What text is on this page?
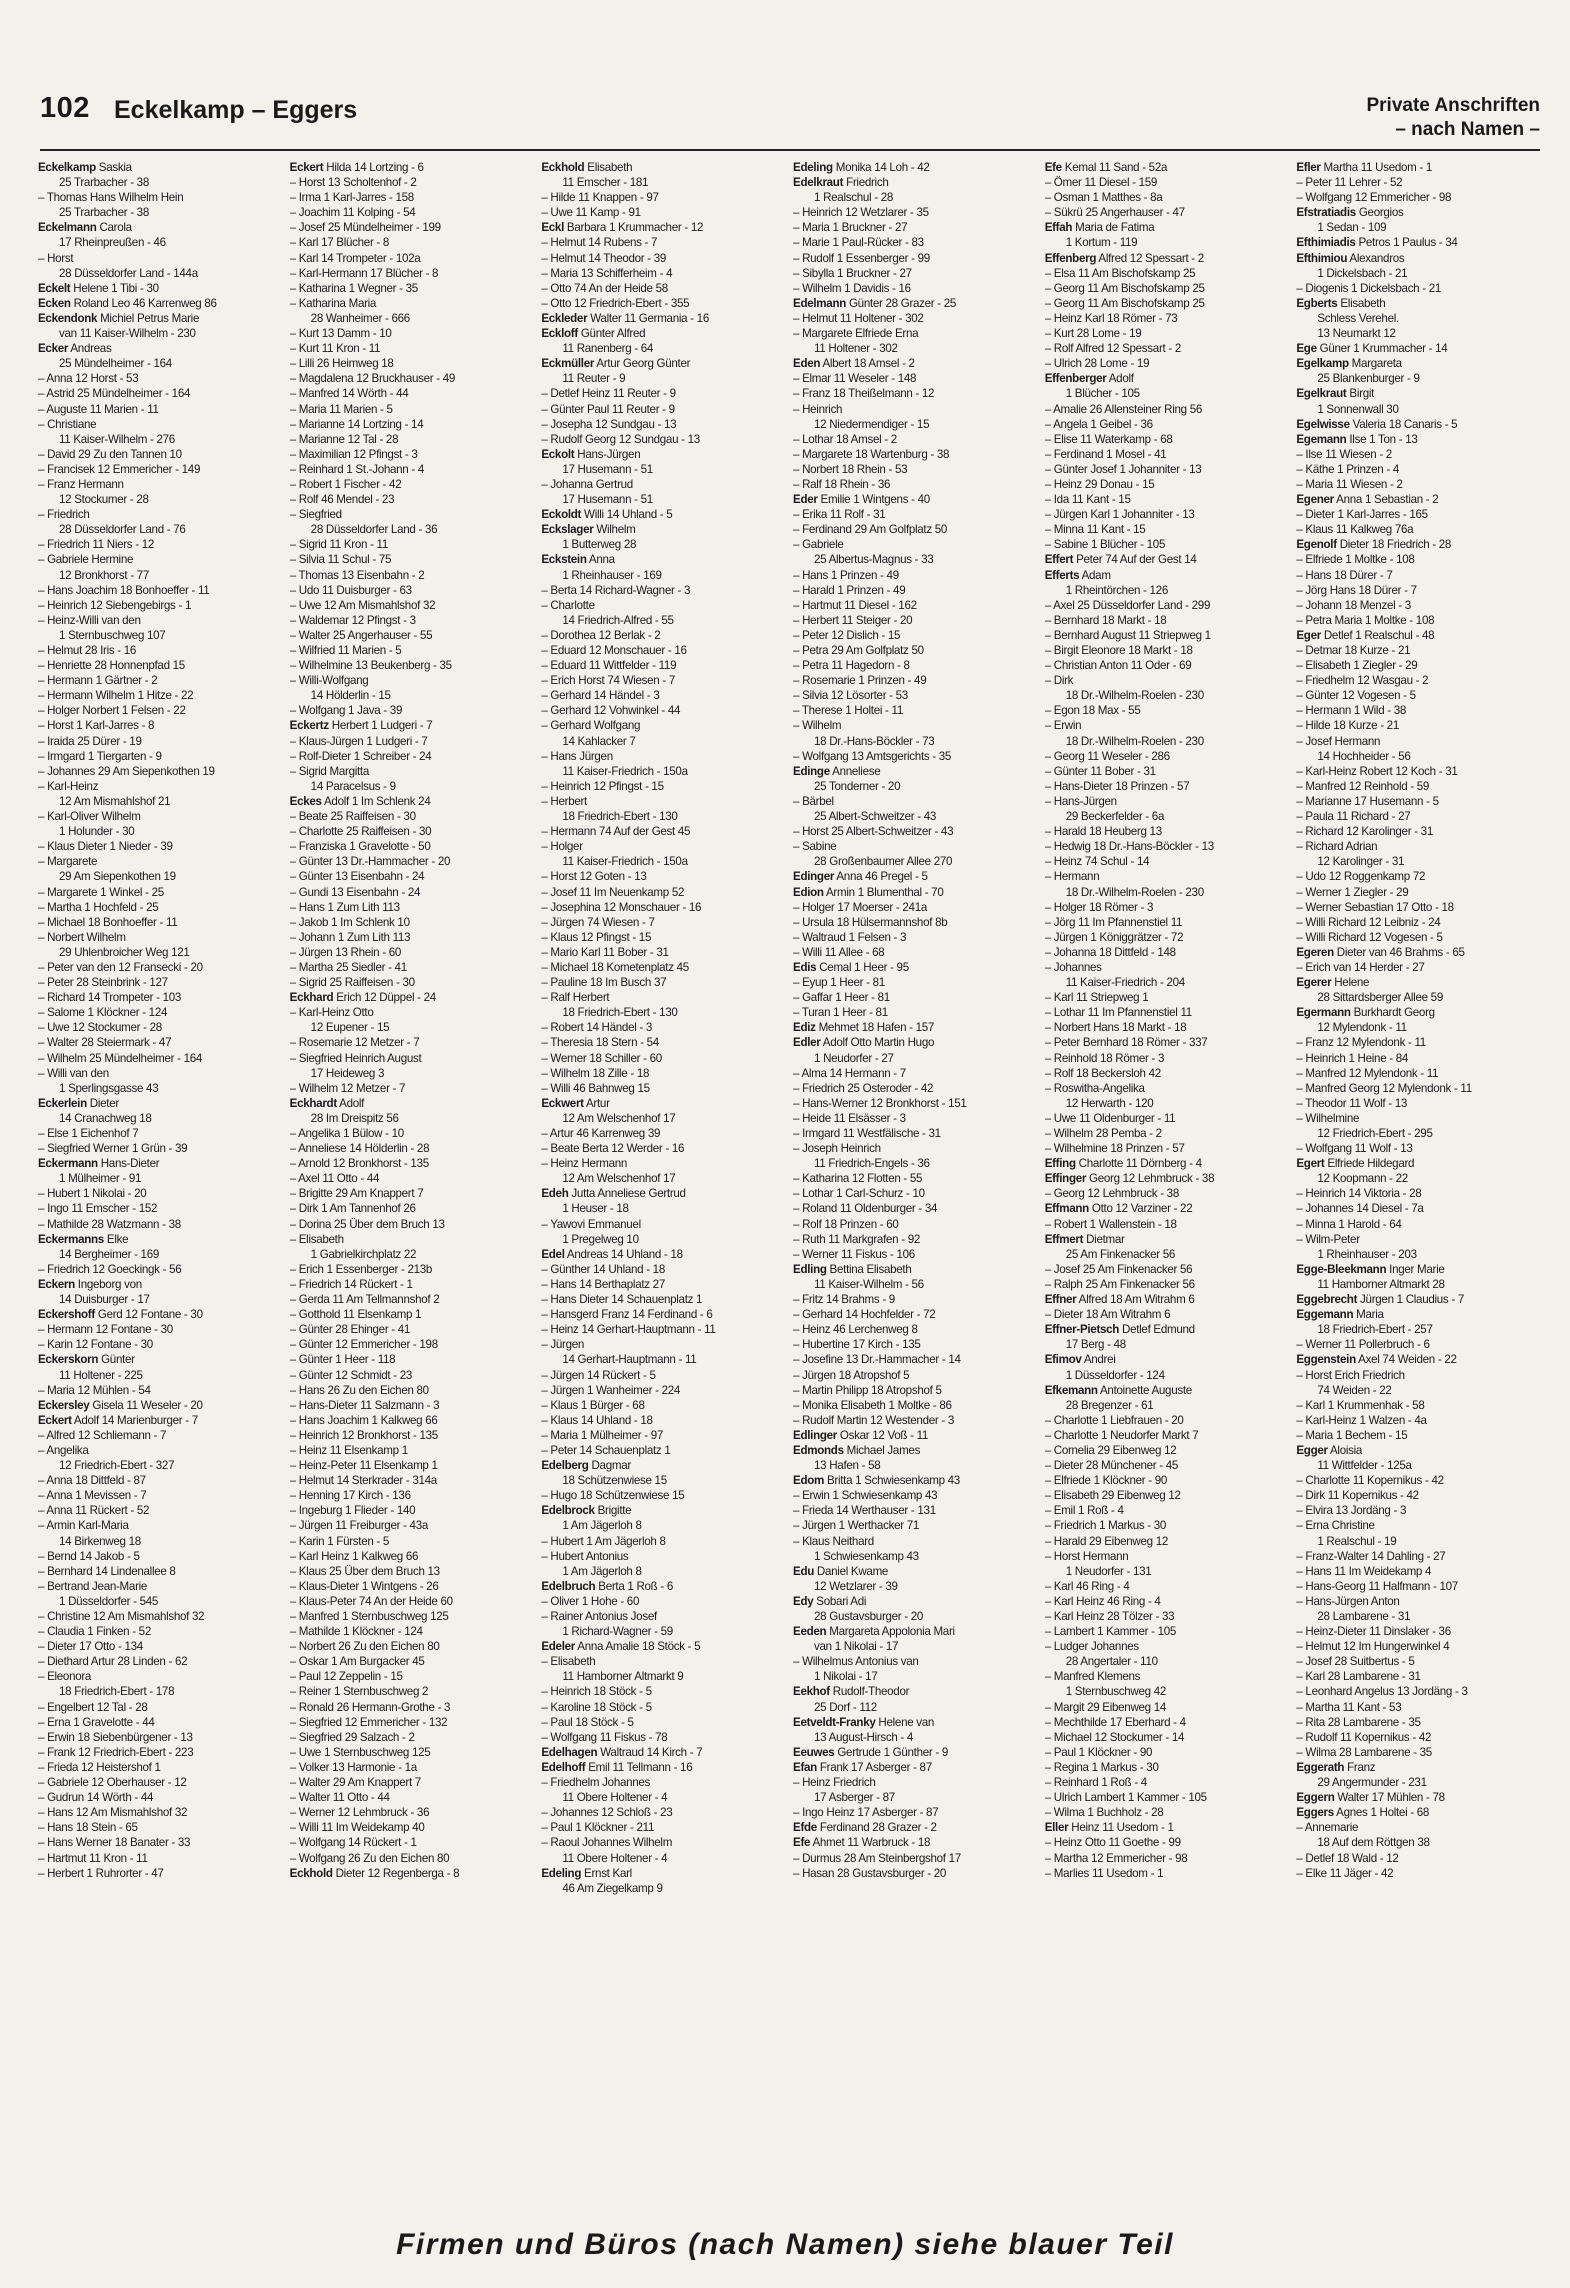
102 Eckelkamp – Eggers	Private Anschriften
– nach Namen –
Eckelkamp Saskia
25 Trarbacher - 38
– Thomas Hans Wilhelm Hein
25 Trarbacher - 38
Eckelmann Carola
17 Rheinpreußen - 46
– Horst
28 Düsseldorfer Land - 144a
Eckelt Helene 1 Tibi - 30
Ecken Roland Leo 46 Karrenweg 86
Eckendonk Michiel Petrus Marie
van 11 Kaiser-Wilhelm - 230
Ecker Andreas
25 Mündelheimer - 164
– Anna 12 Horst - 53
– Astrid 25 Mündelheimer - 164
– Auguste 11 Marien - 11
– Christiane
11 Kaiser-Wilhelm - 276
– David 29 Zu den Tannen 10
– Francisek 12 Emmericher - 149
– Franz Hermann
12 Stockumer - 28
– Friedrich
28 Düsseldorfer Land - 76
– Friedrich 11 Niers - 12
– Gabriele Hermine
12 Bronkhorst - 77
– Hans Joachim 18 Bonhoeffer - 11
– Heinrich 12 Siebengebirgs - 1
– Heinz-Willi van den
1 Sternbuschweg 107
– Helmut 28 Iris - 16
– Henriette 28 Honnenpfad 15
– Hermann 1 Gärtner - 2
– Hermann Wilhelm 1 Hitze - 22
– Holger Norbert 1 Felsen - 22
– Horst 1 Karl-Jarres - 8
– Iraida 25 Dürer - 19
– Irmgard 1 Tiergarten - 9
– Johannes 29 Am Siepenkothen 19
– Karl-Heinz
12 Am Mismahlshof 21
– Karl-Oliver Wilhelm
1 Holunder - 30
– Klaus Dieter 1 Nieder - 39
– Margarete
29 Am Siepenkothen 19
– Margarete 1 Winkel - 25
– Martha 1 Hochfeld - 25
– Michael 18 Bonhoeffer - 11
– Norbert Wilhelm
29 Uhlenbroicher Weg 121
– Peter van den 12 Fransecki - 20
– Peter 28 Steinbrink - 127
– Richard 14 Trompeter - 103
– Salome 1 Klöckner - 124
– Uwe 12 Stockumer - 28
– Walter 28 Steiermark - 47
– Wilhelm 25 Mündelheimer - 164
– Willi van den
1 Sperlingsgasse 43
Eckerlein Dieter
14 Cranachweg 18
– Else 1 Eichenhof 7
– Siegfried Werner 1 Grün - 39
Eckermann Hans-Dieter
1 Mülheimer - 91
– Hubert 1 Nikolai - 20
– Ingo 11 Emscher - 152
– Mathilde 28 Watzmann - 38
Eckermanns Elke
14 Bergheimer - 169
– Friedrich 12 Goeckingk - 56
Eckern Ingeborg von
14 Duisburger - 17
Eckershoff Gerd 12 Fontane - 30
– Hermann 12 Fontane - 30
– Karin 12 Fontane - 30
Eckerskorn Günter
11 Holtener - 225
– Maria 12 Mühlen - 54
Eckersley Gisela 11 Weseler - 20
Eckert Adolf 14 Marienburger - 7
– Alfred 12 Schliemann - 7
– Angelika
12 Friedrich-Ebert - 327
– Anna 18 Dittfeld - 87
– Anna 1 Mevissen - 7
– Anna 11 Rückert - 52
– Armin Karl-Maria
14 Birkenweg 18
– Bernd 14 Jakob - 5
– Bernhard 14 Lindenallee 8
– Bertrand Jean-Marie
1 Düsseldorfer - 545
– Christine 12 Am Mismahlshof 32
– Claudia 1 Finken - 52
– Dieter 17 Otto - 134
– Diethard Artur 28 Linden - 62
– Eleonora
18 Friedrich-Ebert - 178
– Engelbert 12 Tal - 28
– Erna 1 Gravelotte - 44
– Erwin 18 Siebenbürgener - 13
– Frank 12 Friedrich-Ebert - 223
– Frieda 12 Heistershof 1
– Gabriele 12 Oberhauser - 12
– Gudrun 14 Wörth - 44
– Hans 12 Am Mismahlshof 32
– Hans 18 Stein - 65
– Hans Werner 18 Banater - 33
– Hartmut 11 Kron - 11
– Herbert 1 Ruhrorter - 47
Eckert Hilda 14 Lortzing - 6
– Horst 13 Scholtenhof - 2
– Irma 1 Karl-Jarres - 158
– Joachim 11 Kolping - 54
– Josef 25 Mündelheimer - 199
– Karl 17 Blücher - 8
– Karl 14 Trompeter - 102a
– Karl-Hermann 17 Blücher - 8
– Katharina 1 Wegner - 35
– Katharina Maria
28 Wanheimer - 666
– Kurt 13 Damm - 10
– Kurt 11 Kron - 11
– Lilli 26 Heimweg 18
– Magdalena 12 Bruckhauser - 49
– Manfred 14 Wörth - 44
– Maria 11 Marien - 5
– Marianne 14 Lortzing - 14
– Marianne 12 Tal - 28
– Maximilian 12 Pfingst - 3
– Reinhard 1 St.-Johann - 4
– Robert 1 Fischer - 42
– Rolf 46 Mendel - 23
– Siegfried
28 Düsseldorfer Land - 36
– Sigrid 11 Kron - 11
– Silvia 11 Schul - 75
– Thomas 13 Eisenbahn - 2
– Udo 11 Duisburger - 63
– Uwe 12 Am Mismahlshof 32
– Waldemar 12 Pfingst - 3
– Walter 25 Angerhauser - 55
– Wilfried 11 Marien - 5
– Wilhelmine 13 Beukenberg - 35
– Willi-Wolfgang
14 Hölderlin - 15
– Wolfgang 1 Java - 39
Eckertz Herbert 1 Ludgeri - 7
– Klaus-Jürgen 1 Ludgeri - 7
– Rolf-Dieter 1 Schreiber - 24
– Sigrid Margitta
14 Paracelsus - 9
Eckes Adolf 1 Im Schlenk 24
– Beate 25 Raiffeisen - 30
– Charlotte 25 Raiffeisen - 30
– Franziska 1 Gravelotte - 50
– Günter 13 Dr.-Hammacher - 20
– Günter 13 Eisenbahn - 24
– Gundi 13 Eisenbahn - 24
– Hans 1 Zum Lith 113
– Jakob 1 Im Schlenk 10
– Johann 1 Zum Lith 113
– Jürgen 13 Rhein - 60
– Martha 25 Siedler - 41
– Sigrid 25 Raiffeisen - 30
Eckhard Erich 12 Düppel - 24
– Karl-Heinz Otto
12 Eupener - 15
– Rosemarie 12 Metzer - 7
– Siegfried Heinrich August
17 Heideweg 3
– Wilhelm 12 Metzer - 7
Eckhardt Adolf
28 Im Dreispitz 56
– Angelika 1 Bülow - 10
– Anneliese 14 Hölderlin - 28
– Arnold 12 Bronkhorst - 135
– Axel 11 Otto - 44
– Brigitte 29 Am Knappert 7
– Dirk 1 Am Tannenhof 26
– Dorina 25 Über dem Bruch 13
– Elisabeth
1 Gabrielkirchplatz 22
– Erich 1 Essenberger - 213b
– Friedrich 14 Rückert - 1
– Gerda 11 Am Tellmannshof 2
– Gotthold 11 Elsenkamp 1
– Günter 28 Ehinger - 41
– Günter 12 Emmericher - 198
– Günter 1 Heer - 118
– Günter 12 Schmidt - 23
– Hans 26 Zu den Eichen 80
– Hans-Dieter 11 Salzmann - 3
– Hans Joachim 1 Kalkweg 66
– Heinrich 12 Bronkhorst - 135
– Heinz 11 Elsenkamp 1
– Heinz-Peter 11 Elsenkamp 1
– Helmut 14 Sterkrader - 314a
– Henning 17 Kirch - 136
– Ingeburg 1 Flieder - 140
– Jürgen 11 Freiburger - 43a
– Karin 1 Fürsten - 5
– Karl Heinz 1 Kalkweg 66
– Klaus 25 Über dem Bruch 13
– Klaus-Dieter 1 Wintgens - 26
– Klaus-Peter 74 An der Heide 60
– Manfred 1 Sternbuschweg 125
– Mathilde 1 Klöckner - 124
– Norbert 26 Zu den Eichen 80
– Oskar 1 Am Burgacker 45
– Paul 12 Zeppelin - 15
– Reiner 1 Sternbuschweg 2
– Ronald 26 Hermann-Grothe - 3
– Siegfried 12 Emmericher - 132
– Siegfried 29 Salzach - 2
– Uwe 1 Sternbuschweg 125
– Volker 13 Harmonie - 1a
– Walter 29 Am Knappert 7
– Walter 11 Otto - 44
– Werner 12 Lehmbruck - 36
– Willi 11 Im Weidekamp 40
– Wolfgang 14 Rückert - 1
– Wolfgang 26 Zu den Eichen 80
Eckhold Dieter 12 Regenberga - 8
Eckhold Elisabeth
11 Emscher - 181
– Hilde 11 Knappen - 97
– Uwe 11 Kamp - 91
Eckl Barbara 1 Krummacher - 12
– Helmut 14 Rubens - 7
– Helmut 14 Theodor - 39
– Maria 13 Schifferheim - 4
– Otto 74 An der Heide 58
– Otto 12 Friedrich-Ebert - 355
Eckleder Walter 11 Germania - 16
Eckloff Günter Alfred
11 Ranenberg - 64
Eckmüller Artur Georg Günter
11 Reuter - 9
– Detlef Heinz 11 Reuter - 9
– Günter Paul 11 Reuter - 9
– Josepha 12 Sundgau - 13
– Rudolf Georg 12 Sundgau - 13
Eckolt Hans-Jürgen
17 Husemann - 51
– Johanna Gertrud
17 Husemann - 51
Eckoldt Willi 14 Uhland - 5
Eckslager Wilhelm
1 Butterweg 28
Eckstein Anna
1 Rheinhauser - 169
– Berta 14 Richard-Wagner - 3
– Charlotte
14 Friedrich-Alfred - 55
– Dorothea 12 Berlak - 2
– Eduard 12 Monschauer - 16
– Eduard 11 Wittfelder - 119
– Erich Horst 74 Wiesen - 7
– Gerhard 14 Händel - 3
– Gerhard 12 Vohwinkel - 44
– Gerhard Wolfgang
14 Kahlacker 7
– Hans Jürgen
11 Kaiser-Friedrich - 150a
– Heinrich 12 Pfingst - 15
– Herbert
18 Friedrich-Ebert - 130
– Hermann 74 Auf der Gest 45
– Holger
11 Kaiser-Friedrich - 150a
– Horst 12 Goten - 13
– Josef 11 Im Neuenkamp 52
– Josephina 12 Monschauer - 16
– Jürgen 74 Wiesen - 7
– Klaus 12 Pfingst - 15
– Mario Karl 11 Bober - 31
– Michael 18 Kometenplatz 45
– Pauline 18 Im Busch 37
– Ralf Herbert
18 Friedrich-Ebert - 130
– Robert 14 Händel - 3
– Theresia 18 Stern - 54
– Werner 18 Schiller - 60
– Wilhelm 18 Zille - 18
– Willi 46 Bahnweg 15
Eckwert Artur
12 Am Welschenhof 17
– Artur 46 Karrenweg 39
– Beate Berta 12 Werder - 16
– Heinz Hermann
12 Am Welschenhof 17
Edeh Jutta Anneliese Gertrud
1 Heuser - 18
– Yawovi Emmanuel
1 Pregelweg 10
Edel Andreas 14 Uhland - 18
– Günther 14 Uhland - 18
– Hans 14 Berthaplatz 27
– Hans Dieter 14 Schauenplatz 1
– Hansgerd Franz 14 Ferdinand - 6
– Heinz 14 Gerhart-Hauptmann - 11
– Jürgen
14 Gerhart-Hauptmann - 11
– Jürgen 14 Rückert - 5
– Jürgen 1 Wanheimer - 224
– Klaus 1 Bürger - 68
– Klaus 14 Uhland - 18
– Maria 1 Mülheimer - 97
– Peter 14 Schauenplatz 1
Edelberg Dagmar
18 Schützenwiese 15
– Hugo 18 Schützenwiese 15
Edelbrock Brigitte
1 Am Jägerloh 8
– Hubert 1 Am Jägerloh 8
– Hubert Antonius
1 Am Jägerloh 8
Edelbruch Berta 1 Roß - 6
– Oliver 1 Hohe - 60
– Rainer Antonius Josef
1 Richard-Wagner - 59
Edeler Anna Amalie 18 Stöck - 5
– Elisabeth
11 Hamborner Altmarkt 9
– Heinrich 18 Stöck - 5
– Karoline 18 Stöck - 5
– Paul 18 Stöck - 5
– Wolfgang 11 Fiskus - 78
Edelhagen Waltraud 14 Kirch - 7
Edelhoff Emil 11 Tellmann - 16
– Friedhelm Johannes
11 Obere Holtener - 4
– Johannes 12 Schloß - 23
– Paul 1 Klöckner - 211
– Raoul Johannes Wilhelm
11 Obere Holtener - 4
Edeling Ernst Karl
46 Am Ziegelkamp 9
Edeling Monika 14 Loh - 42
Edelkraut Friedrich
1 Realschul - 28
– Heinrich 12 Wetzlarer - 35
– Maria 1 Bruckner - 27
– Marie 1 Paul-Rücker - 83
– Rudolf 1 Essenberger - 99
– Sibylla 1 Bruckner - 27
– Wilhelm 1 Davidis - 16
Edelmann Günter 28 Grazer - 25
– Helmut 11 Holtener - 302
– Margarete Elfriede Erna
11 Holtener - 302
Eden Albert 18 Amsel - 2
– Elmar 11 Weseler - 148
– Franz 18 Theißelmann - 12
– Heinrich
12 Niedermendiger - 15
– Lothar 18 Amsel - 2
– Margarete 18 Wartenburg - 38
– Norbert 18 Rhein - 53
– Ralf 18 Rhein - 36
Eder Emilie 1 Wintgens - 40
– Erika 11 Rolf - 31
– Ferdinand 29 Am Golfplatz 50
– Gabriele
25 Albertus-Magnus - 33
– Hans 1 Prinzen - 49
– Harald 1 Prinzen - 49
– Hartmut 11 Diesel - 162
– Herbert 11 Steiger - 20
– Peter 12 Dislich - 15
– Petra 29 Am Golfplatz 50
– Petra 11 Hagedorn - 8
– Rosemarie 1 Prinzen - 49
– Silvia 12 Lösorter - 53
– Therese 1 Holtei - 11
– Wilhelm
18 Dr.-Hans-Böckler - 73
– Wolfgang 13 Amtsgerichts - 35
Edinge Anneliese
25 Tonderner - 20
– Bärbel
25 Albert-Schweitzer - 43
– Horst 25 Albert-Schweitzer - 43
– Sabine
28 Großenbaumer Allee 270
Edinger Anna 46 Pregel - 5
Edion Armin 1 Blumenthal - 70
– Holger 17 Moerser - 241a
– Ursula 18 Hülsermannshof 8b
– Waltraud 1 Felsen - 3
– Willi 11 Allee - 68
Edis Cemal 1 Heer - 95
– Eyup 1 Heer - 81
– Gaffar 1 Heer - 81
– Turan 1 Heer - 81
Ediz Mehmet 18 Hafen - 157
Edler Adolf Otto Martin Hugo
1 Neudorfer - 27
– Alma 14 Hermann - 7
– Friedrich 25 Osteroder - 42
– Hans-Werner 12 Bronkhorst - 151
– Heide 11 Elsässer - 3
– Irmgard 11 Westfälische - 31
– Joseph Heinrich
11 Friedrich-Engels - 36
– Katharina 12 Flotten - 55
– Lothar 1 Carl-Schurz - 10
– Roland 11 Oldenburger - 34
– Rolf 18 Prinzen - 60
– Ruth 11 Markgrafen - 92
– Werner 11 Fiskus - 106
Edling Bettina Elisabeth
11 Kaiser-Wilhelm - 56
– Fritz 14 Brahms - 9
– Gerhard 14 Hochfelder - 72
– Heinz 46 Lerchenweg 8
– Hubertine 17 Kirch - 135
– Josefine 13 Dr.-Hammacher - 14
– Jürgen 18 Atropshof 5
– Martin Philipp 18 Atropshof 5
– Monika Elisabeth 1 Moltke - 86
– Rudolf Martin 12 Westender - 3
Edlinger Oskar 12 Voß - 11
Edmonds Michael James
13 Hafen - 58
Edom Britta 1 Schwiesenkamp 43
– Erwin 1 Schwiesenkamp 43
– Frieda 14 Werthauser - 131
– Jürgen 1 Werthacker 71
– Klaus Neithard
1 Schwiesenkamp 43
Edu Daniel Kwame
12 Wetzlarer - 39
Edy Sobari Adi
28 Gustavsburger - 20
Eeden Margareta Appolonia Mari
van 1 Nikolai - 17
– Wilhelmus Antonius van
1 Nikolai - 17
Eekhof Rudolf-Theodor
25 Dorf - 112
Eetveldt-Franky Helene van
13 August-Hirsch - 4
Eeuwes Gertrude 1 Günther - 9
Efan Frank 17 Asberger - 87
– Heinz Friedrich
17 Asberger - 87
– Ingo Heinz 17 Asberger - 87
Efde Ferdinand 28 Grazer - 2
Efe Ahmet 11 Warbruck - 18
– Durmus 28 Am Steinbergshof 17
– Hasan 28 Gustavsburger - 20
Efe Kemal 11 Sand - 52a
– Ömer 11 Diesel - 159
– Osman 1 Matthes - 8a
– Sükrü 25 Angerhauser - 47
Effah Maria de Fatima
1 Kortum - 119
Effenberg Alfred 12 Spessart - 2
– Elsa 11 Am Bischofskamp 25
– Georg 11 Am Bischofskamp 25
– Georg 11 Am Bischofskamp 25
– Heinz Karl 18 Römer - 73
– Kurt 28 Lome - 19
– Rolf Alfred 12 Spessart - 2
– Ulrich 28 Lome - 19
Effenberger Adolf
1 Blücher - 105
– Amalie 26 Allensteiner Ring 56
– Angela 1 Geibel - 36
– Elise 11 Waterkamp - 68
– Ferdinand 1 Mosel - 41
– Günter Josef 1 Johanniter - 13
– Heinz 29 Donau - 15
– Ida 11 Kant - 15
– Jürgen Karl 1 Johanniter - 13
– Minna 11 Kant - 15
– Sabine 1 Blücher - 105
Effert Peter 74 Auf der Gest 14
Efferts Adam
1 Rheintörchen - 126
– Axel 25 Düsseldorfer Land - 299
– Bernhard 18 Markt - 18
– Bernhard August 11 Striepweg 1
– Birgit Eleonore 18 Markt - 18
– Christian Anton 11 Oder - 69
– Dirk
18 Dr.-Wilhelm-Roelen - 230
– Egon 18 Max - 55
– Erwin
18 Dr.-Wilhelm-Roelen - 230
– Georg 11 Weseler - 286
– Günter 11 Bober - 31
– Hans-Dieter 18 Prinzen - 57
– Hans-Jürgen
29 Beckerfelder - 6a
– Harald 18 Heuberg 13
– Hedwig 18 Dr.-Hans-Böckler - 13
– Heinz 74 Schul - 14
– Hermann
18 Dr.-Wilhelm-Roelen - 230
– Holger 18 Römer - 3
– Jörg 11 Im Pfannenstiel 11
– Jürgen 1 Königgrätzer - 72
– Johanna 18 Dittfeld - 148
– Johannes
11 Kaiser-Friedrich - 204
– Karl 11 Striepweg 1
– Lothar 11 Im Pfannenstiel 11
– Norbert Hans 18 Markt - 18
– Peter Bernhard 18 Römer - 337
– Reinhold 18 Römer - 3
– Rolf 18 Beckersloh 42
– Roswitha-Angelika
12 Herwarth - 120
– Uwe 11 Oldenburger - 11
– Wilhelm 28 Pemba - 2
– Wilhelmine 18 Prinzen - 57
Effing Charlotte 11 Dörnberg - 4
Effinger Georg 12 Lehmbruck - 38
– Georg 12 Lehmbruck - 38
Effmann Otto 12 Varziner - 22
– Robert 1 Wallenstein - 18
Effmert Dietmar
25 Am Finkenacker 56
– Josef 25 Am Finkenacker 56
– Ralph 25 Am Finkenacker 56
Effner Alfred 18 Am Witrahm 6
– Dieter 18 Am Witrahm 6
Effner-Pietsch Detlef Edmund
17 Berg - 48
Efimov Andrei
1 Düsseldorfer - 124
Efkemann Antoinette Auguste
28 Bregenzer - 61
– Charlotte 1 Liebfrauen - 20
– Charlotte 1 Neudorfer Markt 7
– Cornelia 29 Eibenweg 12
– Dieter 28 Münchener - 45
– Elfriede 1 Klöckner - 90
– Elisabeth 29 Eibenweg 12
– Emil 1 Roß - 4
– Friedrich 1 Markus - 30
– Harald 29 Eibenweg 12
– Horst Hermann
1 Neudorfer - 131
– Karl 46 Ring - 4
– Karl Heinz 46 Ring - 4
– Karl Heinz 28 Tölzer - 33
– Lambert 1 Kammer - 105
– Ludger Johannes
28 Angertaler - 110
– Manfred Klemens
1 Sternbuschweg 42
– Margit 29 Eibenweg 14
– Mechthilde 17 Eberhard - 4
– Michael 12 Stockumer - 14
– Paul 1 Klöckner - 90
– Regina 1 Markus - 30
– Reinhard 1 Roß - 4
– Ulrich Lambert 1 Kammer - 105
– Wilma 1 Buchholz - 28
Eller Heinz 11 Usedom - 1
– Heinz Otto 11 Goethe - 99
– Martha 12 Emmericher - 98
– Marlies 11 Usedom - 1
Efler Martha 11 Usedom - 1
– Peter 11 Lehrer - 52
– Wolfgang 12 Emmericher - 98
Efstratiadis Georgios
1 Sedan - 109
Efthimiadis Petros 1 Paulus - 34
Efthimiou Alexandros
1 Dickelsbach - 21
– Diogenis 1 Dickelsbach - 21
Egberts Elisabeth
Schless Verehel.
13 Neumarkt 12
Ege Güner 1 Krummacher - 14
Egelkamp Margareta
25 Blankenburger - 9
Egelkraut Birgit
1 Sonnenwall 30
Egelwisse Valeria 18 Canaris - 5
Egemann Ilse 1 Ton - 13
– Ilse 11 Wiesen - 2
– Käthe 1 Prinzen - 4
– Maria 11 Wiesen - 2
Egener Anna 1 Sebastian - 2
– Dieter 1 Karl-Jarres - 165
– Klaus 11 Kalkweg 76a
Egenolf Dieter 18 Friedrich - 28
– Elfriede 1 Moltke - 108
– Hans 18 Dürer - 7
– Jörg Hans 18 Dürer - 7
– Johann 18 Menzel - 3
– Petra Maria 1 Moltke - 108
Eger Detlef 1 Realschul - 48
– Detmar 18 Kurze - 21
– Elisabeth 1 Ziegler - 29
– Friedhelm 12 Wasgau - 2
– Günter 12 Vogesen - 5
– Hermann 1 Wild - 38
– Hilde 18 Kurze - 21
– Josef Hermann
14 Hochheider - 56
– Karl-Heinz Robert 12 Koch - 31
– Manfred 12 Reinhold - 59
– Marianne 17 Husemann - 5
– Paula 11 Richard - 27
– Richard 12 Karolinger - 31
– Richard Adrian
12 Karolinger - 31
– Udo 12 Roggenkamp 72
– Werner 1 Ziegler - 29
– Werner Sebastian 17 Otto - 18
– Willi Richard 12 Leibniz - 24
– Willi Richard 12 Vogesen - 5
Egeren Dieter van 46 Brahms - 65
– Erich van 14 Herder - 27
Egerer Helene
28 Sittardsberger Allee 59
Egermann Burkhardt Georg
12 Mylendonk - 11
– Franz 12 Mylendonk - 11
– Heinrich 1 Heine - 84
– Manfred 12 Mylendonk - 11
– Manfred Georg 12 Mylendonk - 11
– Theodor 11 Wolf - 13
– Wilhelmine
12 Friedrich-Ebert - 295
– Wolfgang 11 Wolf - 13
Egert Elfriede Hildegard
12 Koopmann - 22
– Heinrich 14 Viktoria - 28
– Johannes 14 Diesel - 7a
– Minna 1 Harold - 64
– Wilm-Peter
1 Rheinhauser - 203
Egge-Bleekmann Inger Marie
11 Hamborner Altmarkt 28
Eggebrecht Jürgen 1 Claudius - 7
Eggemann Maria
18 Friedrich-Ebert - 257
– Werner 11 Pollerbruch - 6
Eggenstein Axel 74 Weiden - 22
– Horst Erich Friedrich
74 Weiden - 22
– Karl 1 Krummenhak - 58
– Karl-Heinz 1 Walzen - 4a
– Maria 1 Bechem - 15
Egger Aloisia
11 Wittfelder - 125a
– Charlotte 11 Kopernikus - 42
– Dirk 11 Kopernikus - 42
– Elvira 13 Jordäng - 3
– Erna Christine
1 Realschul - 19
– Franz-Walter 14 Dahling - 27
– Hans 11 Im Weidekamp 4
– Hans-Georg 11 Halfmann - 107
– Hans-Jürgen Anton
28 Lambarene - 31
– Heinz-Dieter 11 Dinslaker - 36
– Helmut 12 Im Hungerwinkel 4
– Josef 28 Suitbertus - 5
– Karl 28 Lambarene - 31
– Leonhard Angelus 13 Jordäng - 3
– Martha 11 Kant - 53
– Rita 28 Lambarene - 35
– Rudolf 11 Kopernikus - 42
– Wilma 28 Lambarene - 35
Eggerath Franz
29 Angermunder - 231
Eggern Walter 17 Mühlen - 78
Eggers Agnes 1 Holtei - 68
– Annemarie
18 Auf dem Röttgen 38
– Detlef 18 Wald - 12
– Elke 11 Jäger - 42
Firmen und Büros (nach Namen) siehe blauer Teil
